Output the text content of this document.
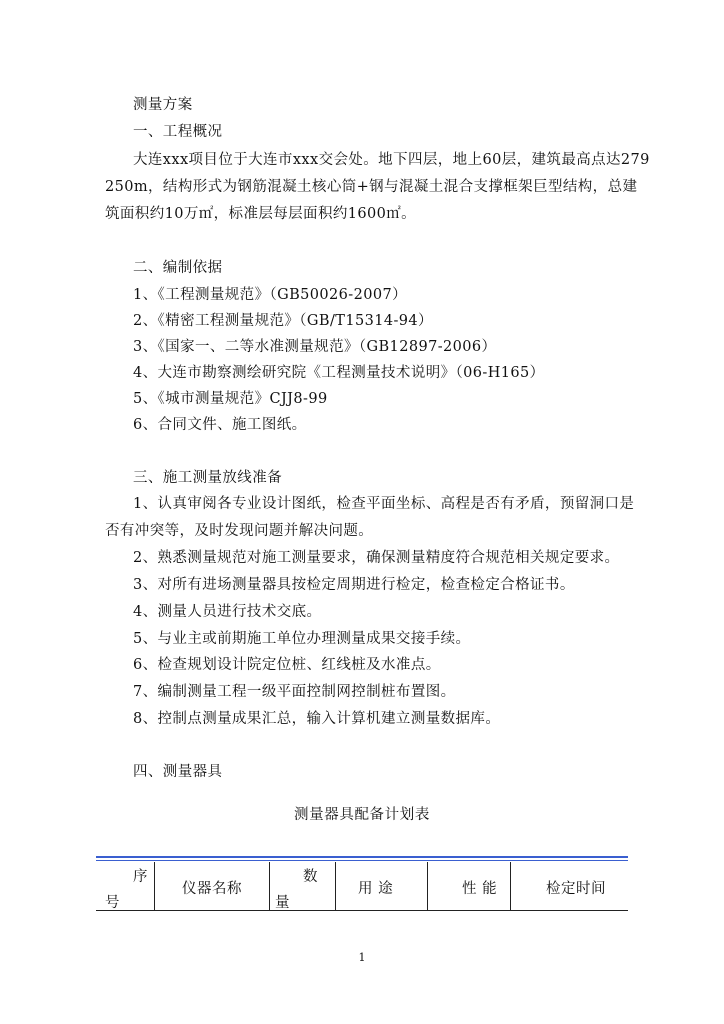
测量方案
一、工程概况
大连xxx项目位于大连市xxx交会处。地下四层，地上60层，建筑最高点达279
250m，结构形式为钢筋混凝土核心筒+钢与混凝土混合支撑框架巨型结构，总建
筑面积约10万㎡，标准层每层面积约1600㎡。
二、编制依据
1、《工程测量规范》（GB50026-2007）
2、《精密工程测量规范》（GB/T15314-94）
3、《国家一、二等水准测量规范》（GB12897-2006）
4、大连市勘察测绘研究院《工程测量技术说明》（06-H165）
5、《城市测量规范》CJJ8-99
6、合同文件、施工图纸。
三、施工测量放线准备
1、认真审阅各专业设计图纸，检查平面坐标、高程是否有矛盾，预留洞口是
否有冲突等，及时发现问题并解决问题。
2、熟悉测量规范对施工测量要求，确保测量精度符合规范相关规定要求。
3、对所有进场测量器具按检定周期进行检定，检查检定合格证书。
4、测量人员进行技术交底。
5、与业主或前期施工单位办理测量成果交接手续。
6、检查规划设计院定位桩、红线桩及水准点。
7、编制测量工程一级平面控制网控制桩布置图。
8、控制点测量成果汇总，输入计算机建立测量数据库。
四、测量器具
测量器具配备计划表
序
号
仪器名称
数
量
用 途	性 能	检定时间
1
